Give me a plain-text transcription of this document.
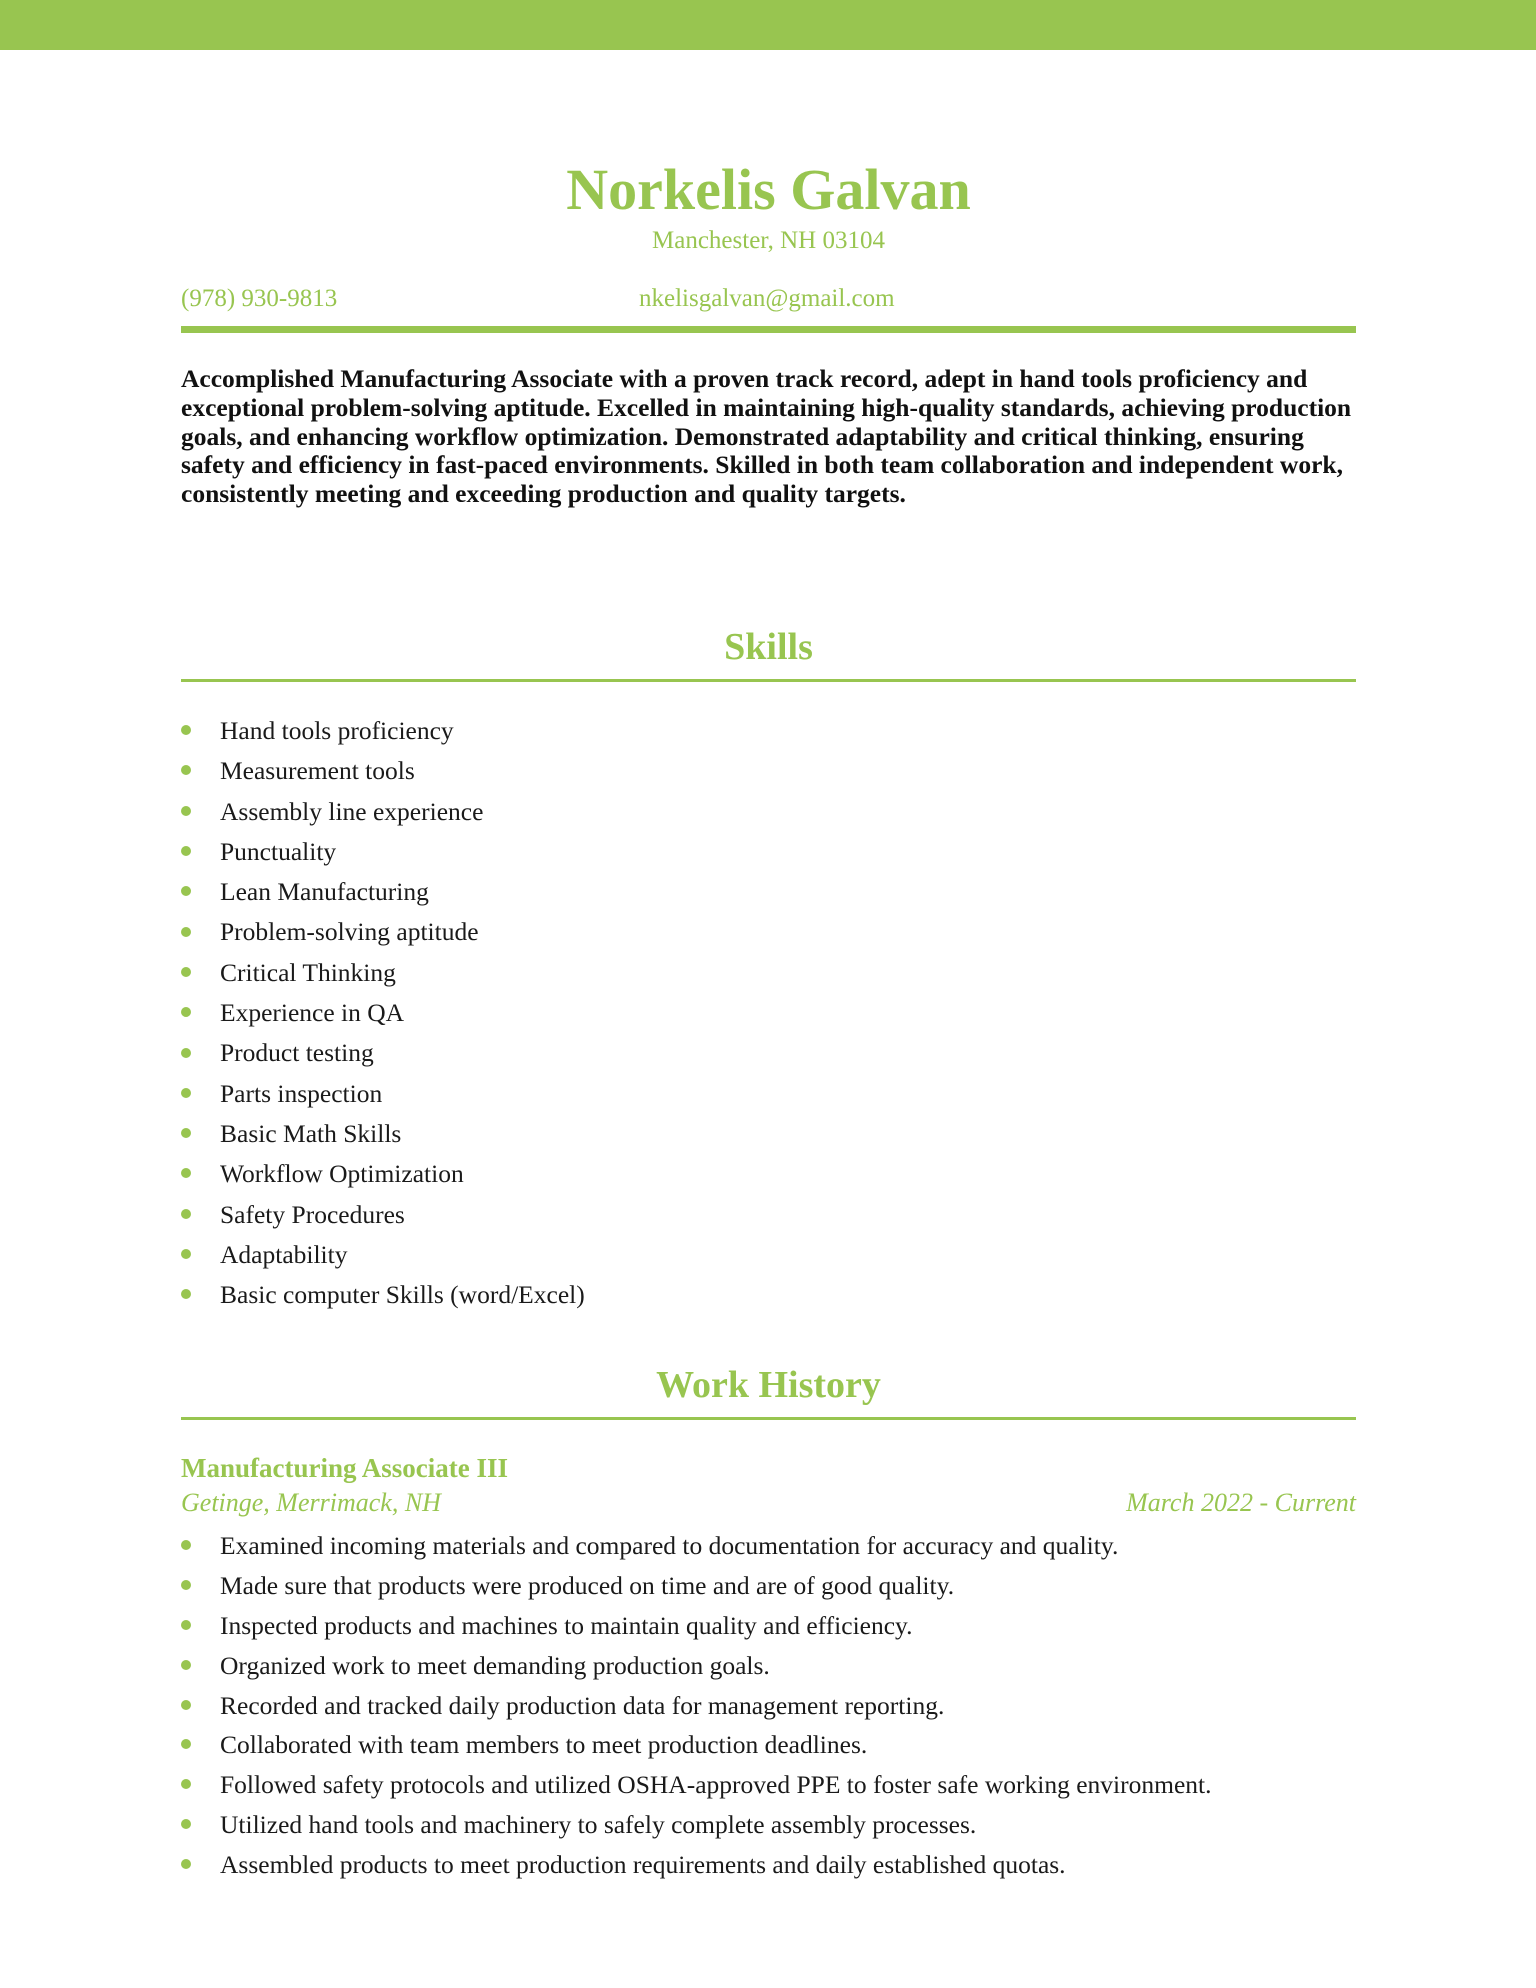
Norkelis Galvan
Manchester, NH 03104
(978) 930-9813	nkelisgalvan@gmail.com

Accomplished Manufacturing Associate with a proven track record, adept in hand tools proficiency and exceptional problem-solving aptitude. Excelled in maintaining high-quality standards, achieving production goals, and enhancing workflow optimization. Demonstrated adaptability and critical thinking, ensuring safety and efficiency in fast-paced environments. Skilled in both team collaboration and independent work, consistently meeting and exceeding production and quality targets.

Skills
Hand tools proficiency
Measurement tools
Assembly line experience
Punctuality
Lean Manufacturing
Problem-solving aptitude
Critical Thinking
Experience in QA
Product testing
Parts inspection
Basic Math Skills
Workflow Optimization
Safety Procedures
Adaptability
Basic computer Skills (word/Excel)
Work History
Manufacturing Associate III
Getinge, Merrimack, NH	March 2022 - Current
Examined incoming materials and compared to documentation for accuracy and quality.
Made sure that products were produced on time and are of good quality.
Inspected products and machines to maintain quality and efficiency.
Organized work to meet demanding production goals.
Recorded and tracked daily production data for management reporting.
Collaborated with team members to meet production deadlines.
Followed safety protocols and utilized OSHA-approved PPE to foster safe working environment.
Utilized hand tools and machinery to safely complete assembly processes.
Assembled products to meet production requirements and daily established quotas.
